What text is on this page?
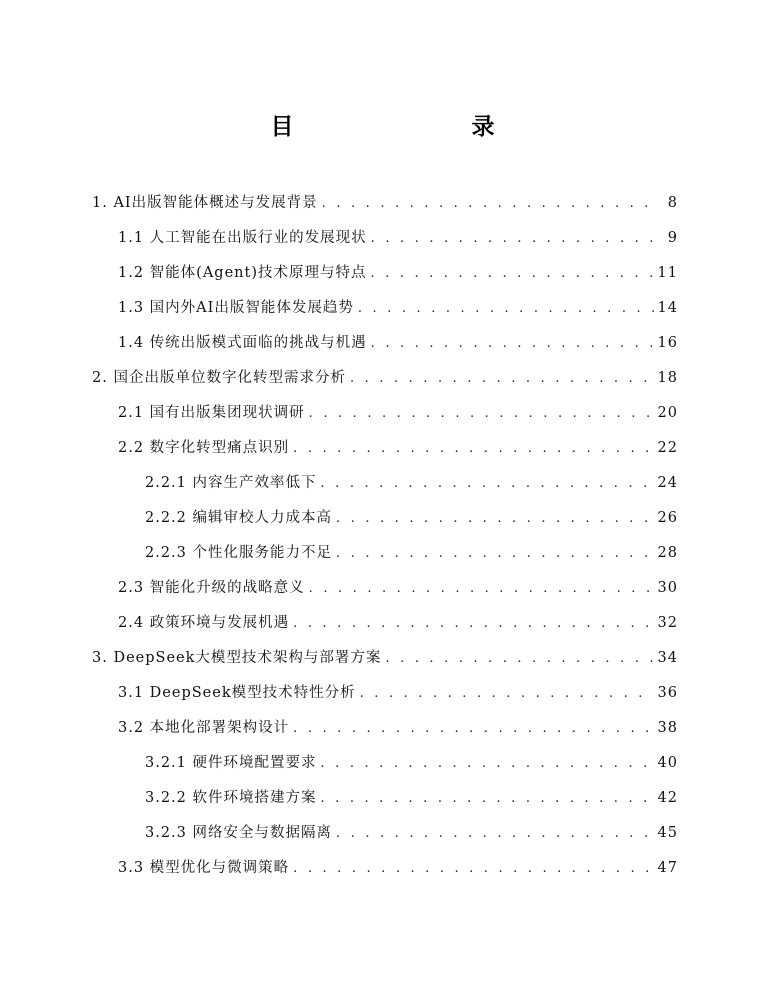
目　　录
1. AI出版智能体概述与发展背景 . . .	8
1.1 人工智能在出版行业的发展现状 . . .	9
1.2 智能体(Agent)技术原理与特点 . . .	11
1.3 国内外AI出版智能体发展趋势 . . .	14
1.4 传统出版模式面临的挑战与机遇 . . .	16
2. 国企出版单位数字化转型需求分析 . . .	18
2.1 国有出版集团现状调研 . . .	20
2.2 数字化转型痛点识别 . . .	22
2.2.1 内容生产效率低下 . . .	24
2.2.2 编辑审校人力成本高 . . .	26
2.2.3 个性化服务能力不足 . . .	28
2.3 智能化升级的战略意义 . . .	30
2.4 政策环境与发展机遇 . . .	32
3. DeepSeek大模型技术架构与部署方案 . . .	34
3.1 DeepSeek模型技术特性分析 . . .	36
3.2 本地化部署架构设计 . . .	38
3.2.1 硬件环境配置要求 . . .	40
3.2.2 软件环境搭建方案 . . .	42
3.2.3 网络安全与数据隔离 . . .	45
3.3 模型优化与微调策略 . . .	47
